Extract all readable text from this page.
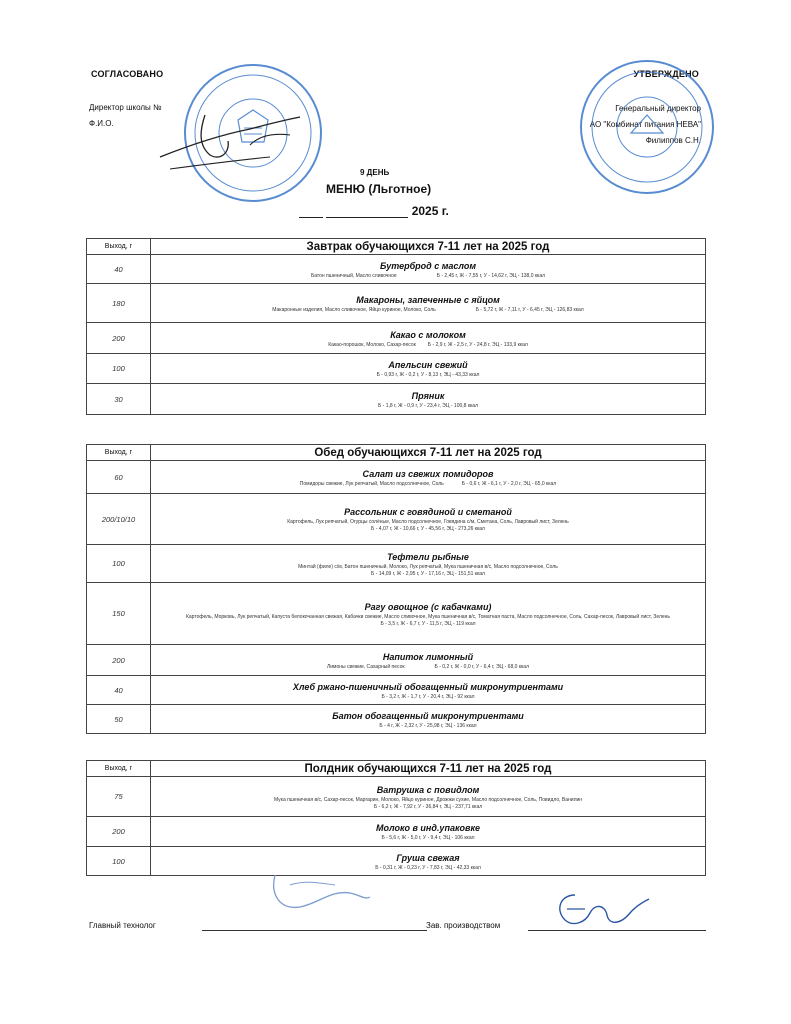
СОГЛАСОВАНО
Директор школы №
Ф.И.О.
УТВЕРЖДЕНО
Генеральный директор
АО "Комбинат питания НЕВА"
Филиппов С.Н.
9 ДЕНЬ
МЕНЮ (Льготное)
2025 г.
Выход, г	Завтрак обучающихся 7-11 лет на 2025 год
40	Бутерброд с маслом
Батон пшеничный, Масло сливочное Б - 2,45 г, Ж - 7,55 г, У - 14,62 г, ЭЦ - 138,0 ккал

180	Макароны, запеченные с яйцом
Макаронные изделия, Масло сливочное, Яйцо куриное, Молоко, Соль Б - 5,72 г, Ж - 7,11 г, У - 6,45 г, ЭЦ - 126,83 ккал

200	Какао с молоком
Какао-порошок, Молоко, Сахар-песок Б - 2,9 г, Ж - 2,5 г, У - 24,8 г, ЭЦ - 133,9 ккал

100	Апельсин свежий
Б - 0,93 г, Ж - 0,2 г, У - 8,13 г, ЭЦ - 43,33 ккал

30	Пряник
Б - 1,8 г, Ж - 0,9 г, У - 23,4 г, ЭЦ - 100,8 ккал
Выход, г	Обед обучающихся 7-11 лет на 2025 год
60	Салат из свежих помидоров
Помидоры свежие, Лук репчатый, Масло подсолнечное, Соль Б - 0,6 г, Ж - 6,1 г, У - 2,0 г, ЭЦ - 65,0 ккал

200/10/10	Рассольник с говядиной и сметаной
Картофель, Лук репчатый, Огурцы солёные, Масло подсолнечное, Говядина с/м, Сметана, Соль, Лавровый лист, Зелень
Б - 4,07 г, Ж - 10,66 г, У - 45,56 г, ЭЦ - 273,26 ккал

100	Тефтели рыбные
Минтай (филе) с/м, Батон пшеничный, Молоко, Лук репчатый, Мука пшеничная в/с, Масло подсолнечное, Соль
Б - 14,09 г, Ж - 2,95 г, У - 17,16 г, ЭЦ - 151,51 ккал

150	Рагу овощное (с кабачками)
Картофель, Морковь, Лук репчатый, Капуста белокочанная свежая, Кабачки свежие, Масло сливочное, Мука пшеничная в/с, Томатная паста, Масло подсолнечное, Соль, Сахар-песок, Лавровый лист, Зелень
Б - 3,5 г, Ж - 6,7 г, У - 11,5 г, ЭЦ - 119 ккал

200	Напиток лимонный
Лимоны свежие, Сахарный песок Б - 0,2 г, Ж - 0,0 г, У - 6,4 г, ЭЦ - 68,0 ккал

40	Хлеб ржано-пшеничный обогащенный микронутриентами
Б - 3,2 г, Ж - 1,7 г, У - 20,4 г, ЭЦ - 92 ккал

50	Батон обогащенный микронутриентами
Б - 4 г, Ж - 2,32 г, У - 25,98 г, ЭЦ - 136 ккал
Выход, г	Полдник обучающихся 7-11 лет на 2025 год
75	Ватрушка с повидлом
Мука пшеничная в/с, Сахар-песок, Маргарин, Молоко, Яйцо куриное, Дрожжи сухие, Масло подсолнечное, Соль, Повидло, Ванилин
Б - 6,2 г, Ж - 7,92 г, У - 36,84 г, ЭЦ - 237,71 ккал

200	Молоко в инд.упаковке
Б - 5,6 г, Ж - 5,0 г, У - 9,4 г, ЭЦ - 106 ккал

100	Груша свежая
Б - 0,31 г, Ж - 0,23 г, У - 7,83 г, ЭЦ - 42,33 ккал
Главный технолог	Зав. производством
